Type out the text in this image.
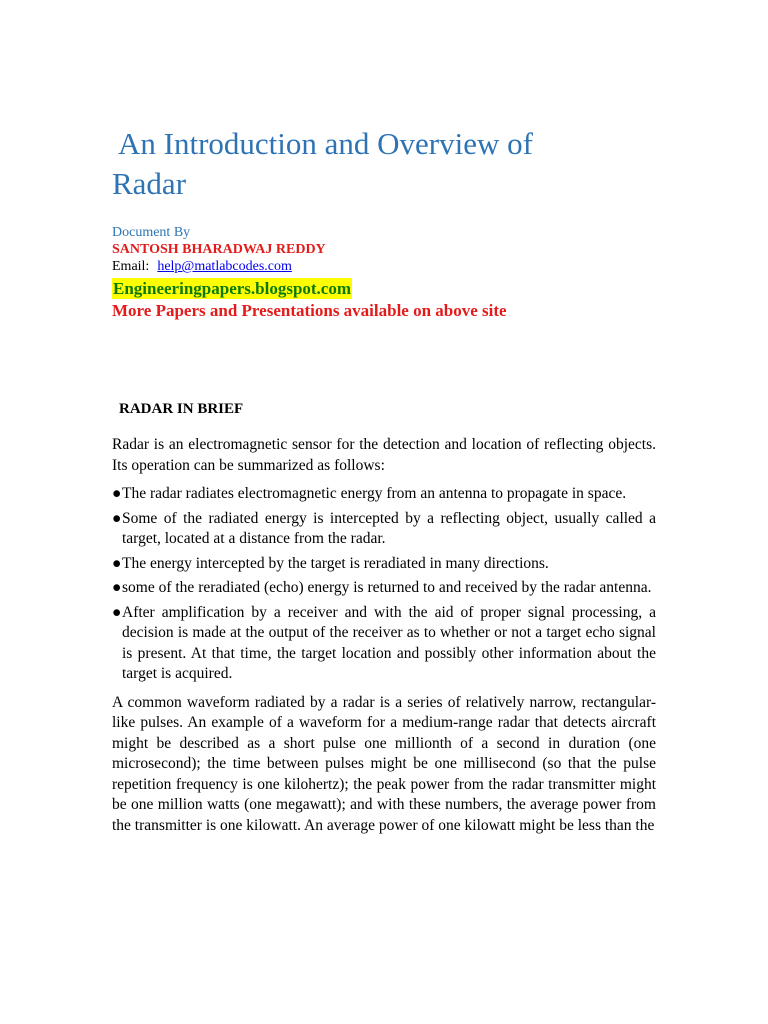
An Introduction and Overview of
Radar
Document By
SANTOSH BHARADWAJ REDDY
Email: help@matlabcodes.com
Engineeringpapers.blogspot.com
More Papers and Presentations available on above site
RADAR IN BRIEF

Radar is an electromagnetic sensor for the detection and location of reflecting objects. Its operation can be summarized as follows:

●The radar radiates electromagnetic energy from an antenna to propagate in space.
●Some of the radiated energy is intercepted by a reflecting object, usually called a target, located at a distance from the radar.
●The energy intercepted by the target is reradiated in many directions.
●some of the reradiated (echo) energy is returned to and received by the radar antenna.
●After amplification by a receiver and with the aid of proper signal processing, a decision is made at the output of the receiver as to whether or not a target echo signal is present. At that time, the target location and possibly other information about the target is acquired.

A common waveform radiated by a radar is a series of relatively narrow, rectangular-like pulses. An example of a waveform for a medium-range radar that detects aircraft might be described as a short pulse one millionth of a second in duration (one microsecond); the time between pulses might be one millisecond (so that the pulse repetition frequency is one kilohertz); the peak power from the radar transmitter might be one million watts (one megawatt); and with these numbers, the average power from the transmitter is one kilowatt. An average power of one kilowatt might be less than the
